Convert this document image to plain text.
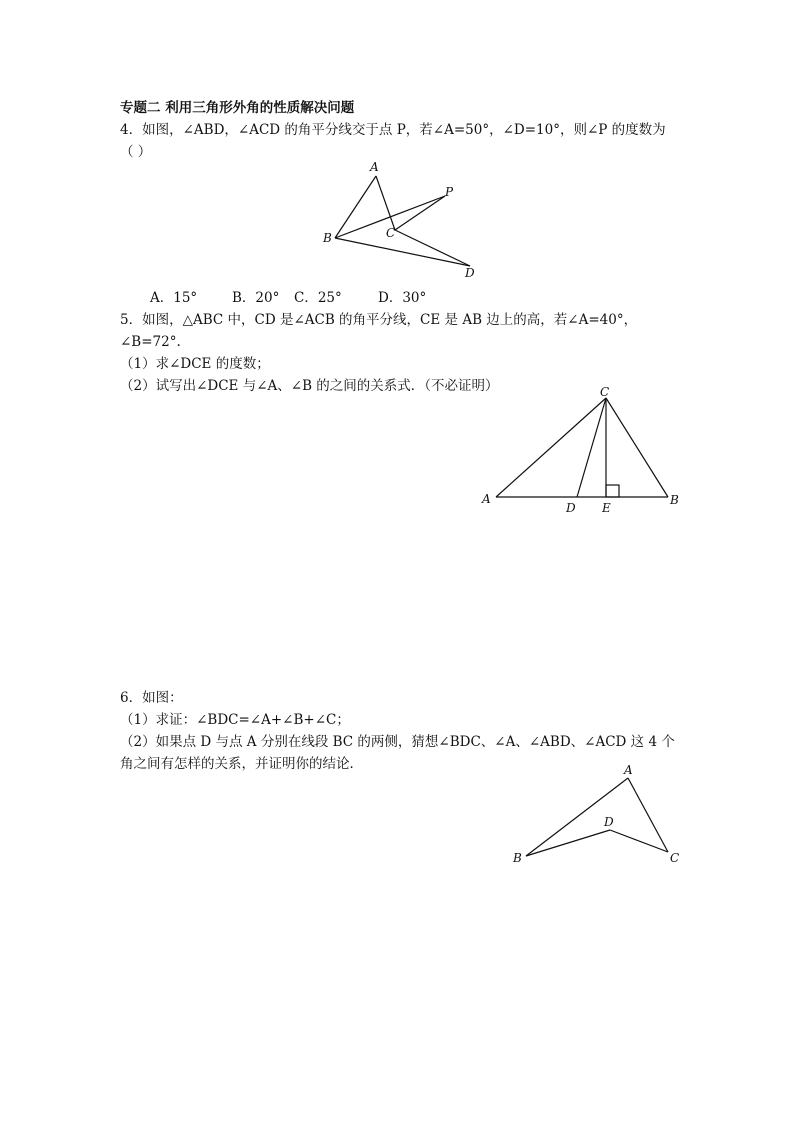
专题二 利用三角形外角的性质解决问题
4．如图，∠ABD，∠ACD 的角平分线交于点 P，若∠A=50°，∠D=10°，则∠P 的度数为
（ ）
A
B	C
D
P
A．15°	B．20° C．25°	D．30°
5．如图，△ABC 中，CD 是∠ACB 的角平分线，CE 是 AB 边上的高，若∠A=40°，
∠B=72°.
（1）求∠DCE 的度数；
（2）试写出∠DCE 与∠A、∠B 的之间的关系式．（不必证明）	C
A
D E
B
6．如图：
（1）求证：∠BDC=∠A+∠B+∠C；
（2）如果点 D 与点 A 分别在线段 BC 的两侧，猜想∠BDC、∠A、∠ABD、∠ACD 这 4 个
角之间有怎样的关系，并证明你的结论．	A
D
B	C
